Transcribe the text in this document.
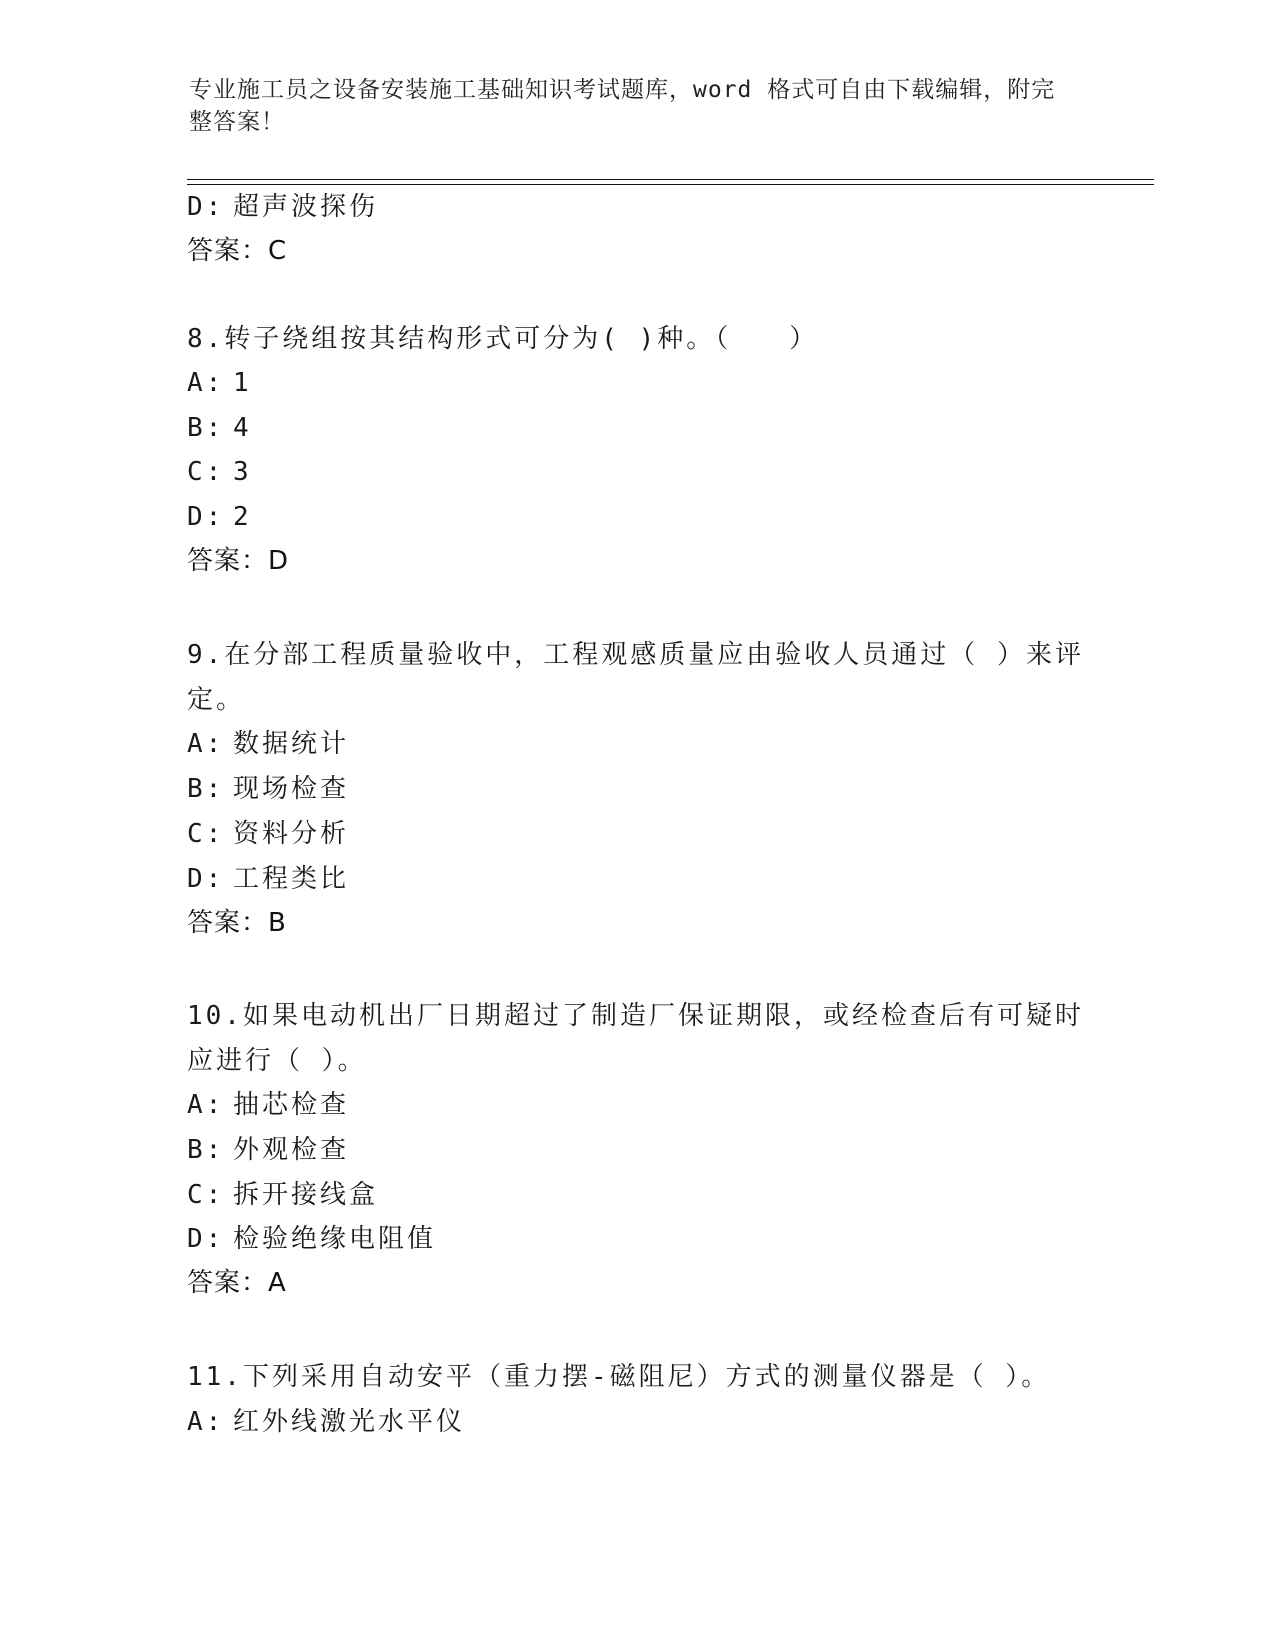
专业施工员之设备安装施工基础知识考试题库，word 格式可自由下载编辑，附完
整答案！
D: 超声波探伤
答案：C
8.转子绕组按其结构形式可分为( )种。（　　）
A: 1
B: 4
C: 3
D: 2
答案：D
9.在分部工程质量验收中，工程观感质量应由验收人员通过（ ）来评
定。
A: 数据统计
B: 现场检查
C: 资料分析
D: 工程类比
答案：B
10.如果电动机出厂日期超过了制造厂保证期限，或经检查后有可疑时
应进行（ ）。
A: 抽芯检查
B: 外观检查
C: 拆开接线盒
D: 检验绝缘电阻值
答案：A
11.下列采用自动安平（重力摆-磁阻尼）方式的测量仪器是（ ）。
A: 红外线激光水平仪
